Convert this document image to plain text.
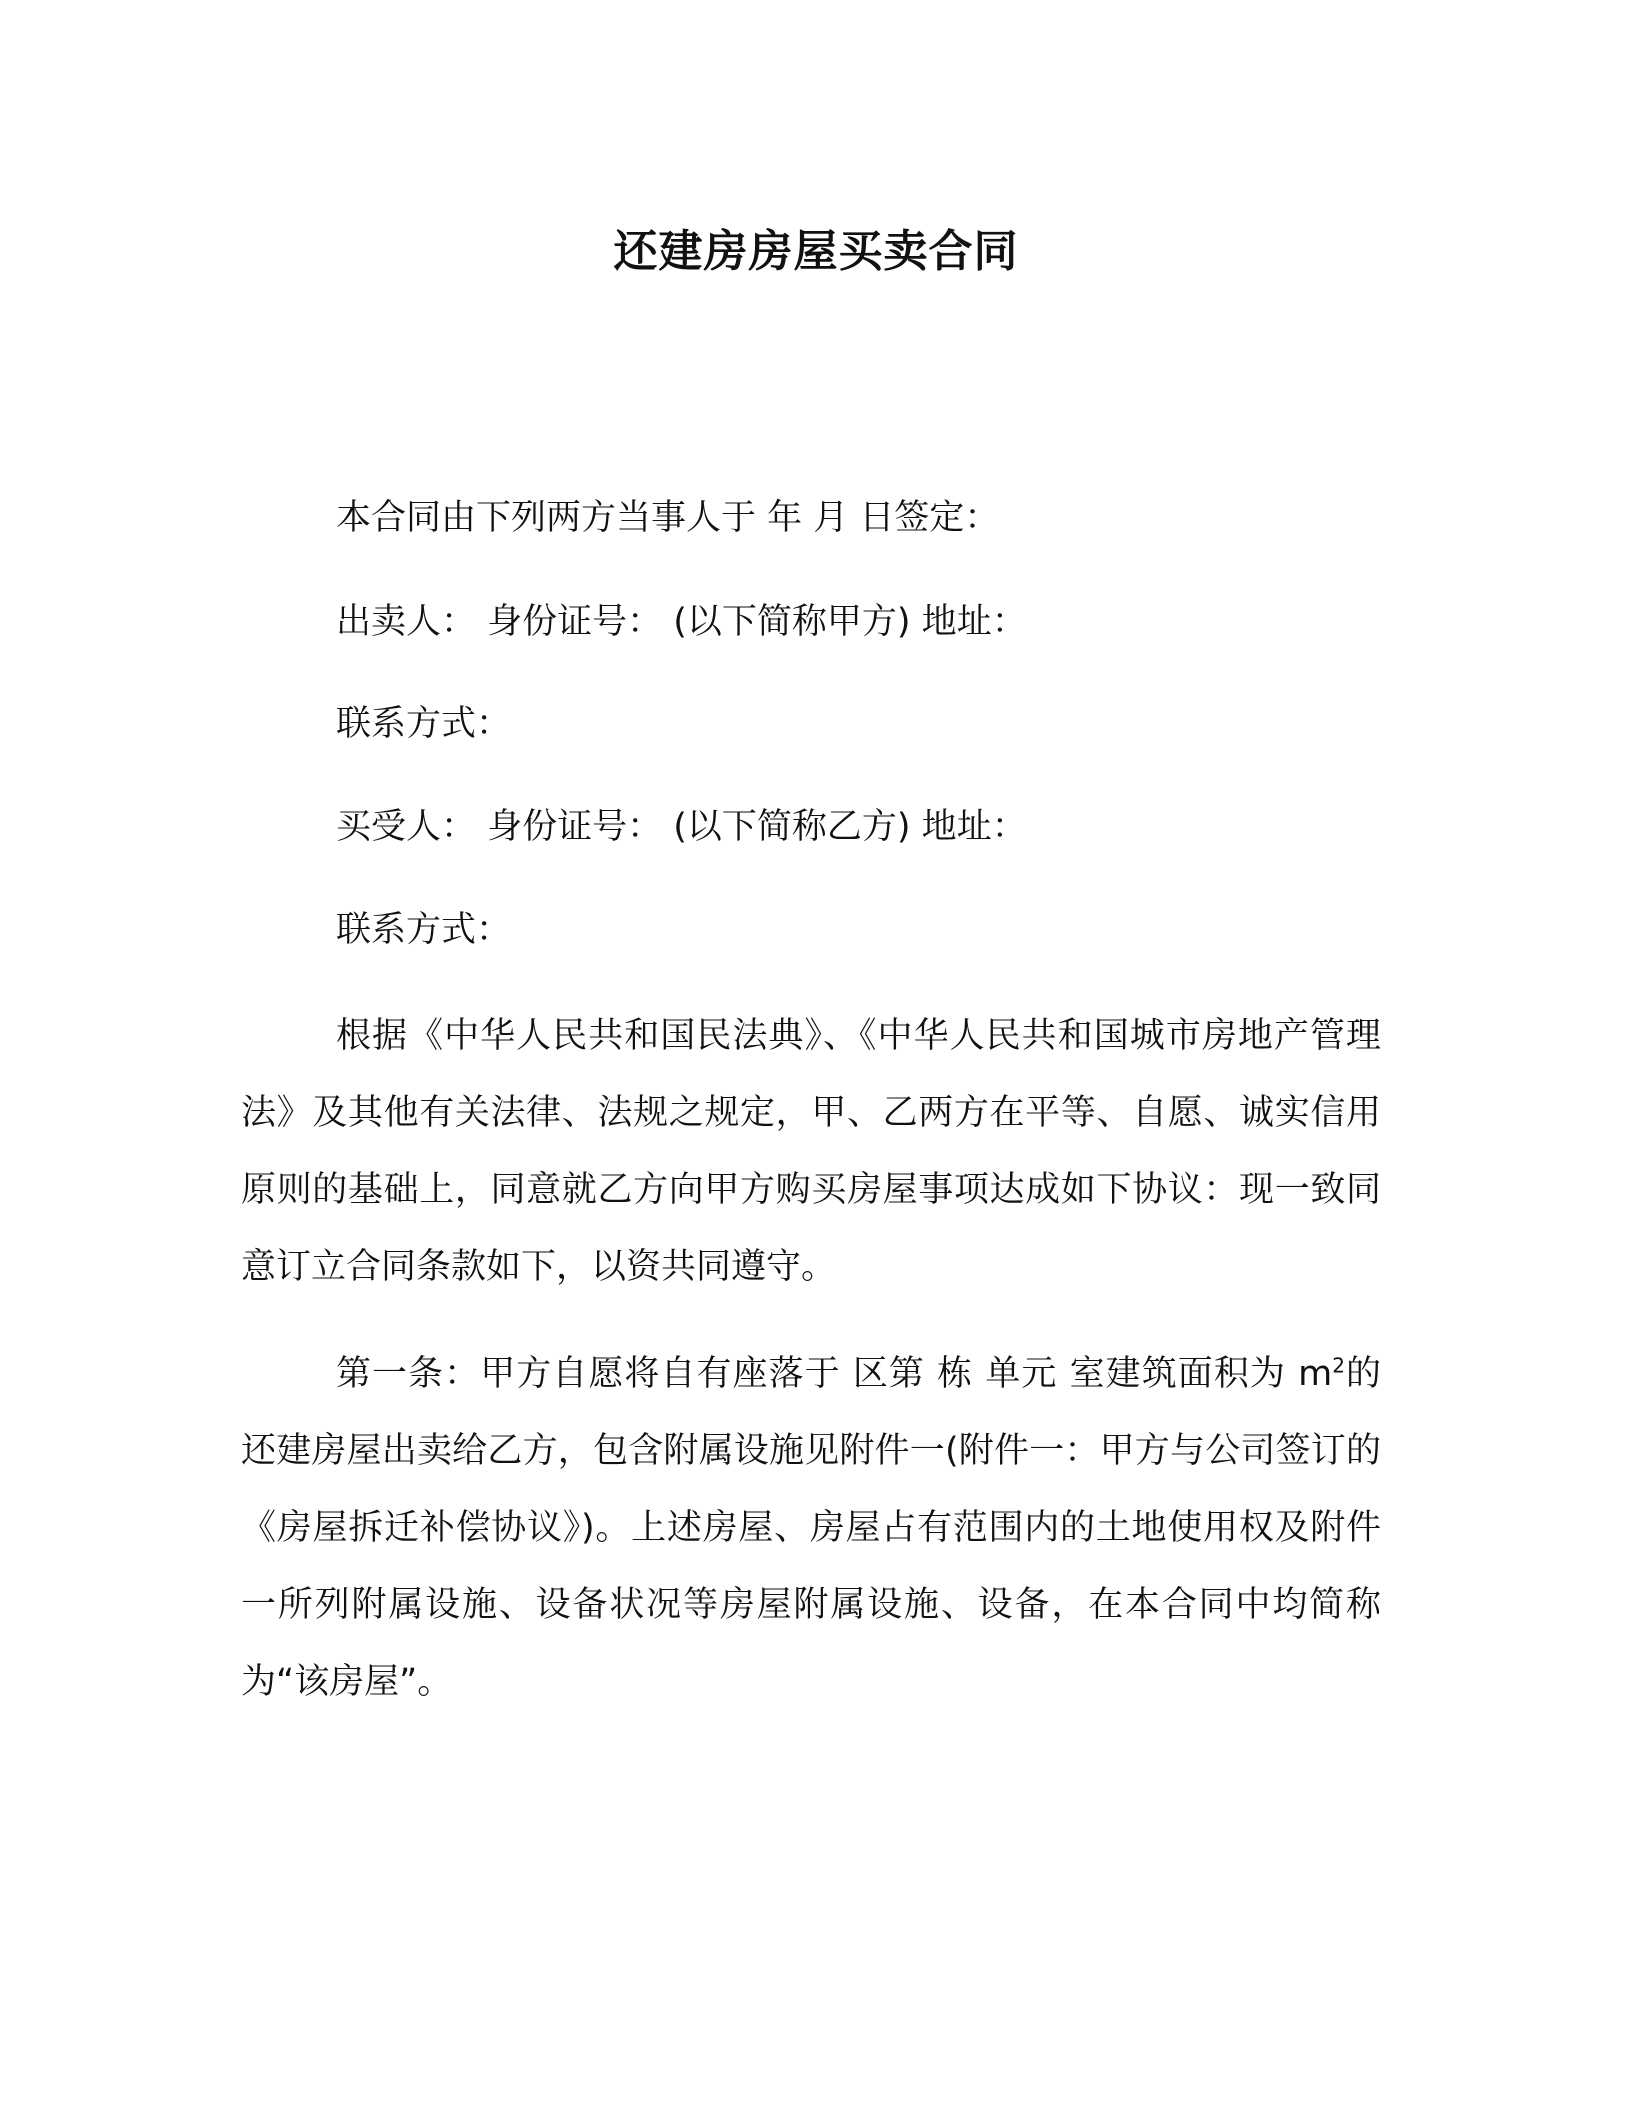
还建房房屋买卖合同
本合同由下列两方当事人于 年 月 日签定：
出卖人： 身份证号： (以下简称甲方) 地址：
联系方式：
买受人： 身份证号： (以下简称乙方) 地址：
联系方式：
根据《中华人民共和国民法典》、《中华人民共和国城市房地产管理法》及其他有关法律、法规之规定，甲、乙两方在平等、自愿、诚实信用原则的基础上，同意就乙方向甲方购买房屋事项达成如下协议：现一致同意订立合同条款如下，以资共同遵守。
第一条：甲方自愿将自有座落于 区第 栋 单元 室建筑面积为 $m^2$的还建房屋出卖给乙方，包含附属设施见附件一(附件一：甲方与公司签订的《房屋拆迁补偿协议》)。上述房屋、房屋占有范围内的土地使用权及附件一所列附属设施、设备状况等房屋附属设施、设备，在本合同中均简称为“该房屋”。
